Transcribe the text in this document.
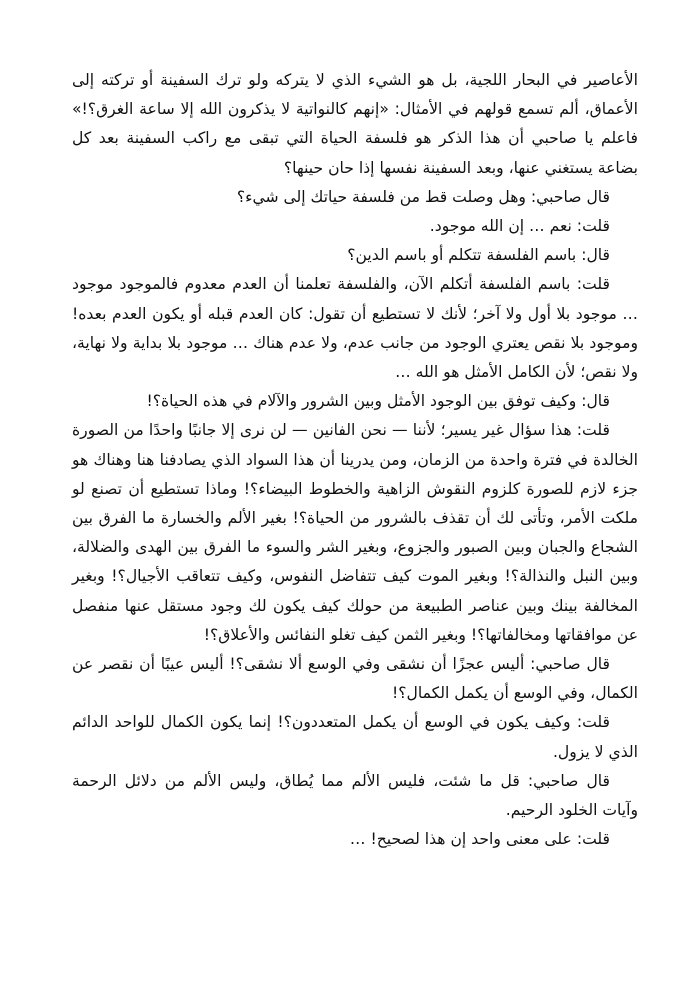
الأعاصير في البحار اللجية، بل هو الشيء الذي لا يتركه ولو ترك السفينة أو تركته إلى الأعماق، ألم تسمع قولهم في الأمثال: «إنهم كالنواتية لا يذكرون الله إلا ساعة الغرق؟!» فاعلم يا صاحبي أن هذا الذكر هو فلسفة الحياة التي تبقى مع راكب السفينة بعد كل بضاعة يستغني عنها، وبعد السفينة نفسها إذا حان حينها؟

قال صاحبي: وهل وصلت قط من فلسفة حياتك إلى شيء؟

قلت: نعم … إن الله موجود.

قال: باسم الفلسفة تتكلم أو باسم الدين؟

قلت: باسم الفلسفة أتكلم الآن، والفلسفة تعلمنا أن العدم معدوم فالموجود موجود … موجود بلا أول ولا آخر؛ لأنك لا تستطيع أن تقول: كان العدم قبله أو يكون العدم بعده! وموجود بلا نقص يعتري الوجود من جانب عدم، ولا عدم هناك … موجود بلا بداية ولا نهاية، ولا نقص؛ لأن الكامل الأمثل هو الله …

قال: وكيف توفق بين الوجود الأمثل وبين الشرور والآلام في هذه الحياة؟!

قلت: هذا سؤال غير يسير؛ لأننا — نحن الفانين — لن نرى إلا جانبًا واحدًا من الصورة الخالدة في فترة واحدة من الزمان، ومن يدرينا أن هذا السواد الذي يصادفنا هنا وهناك هو جزء لازم للصورة كلزوم النقوش الزاهية والخطوط البيضاء؟! وماذا تستطيع أن تصنع لو ملكت الأمر، وتأتى لك أن تقذف بالشرور من الحياة؟! بغير الألم والخسارة ما الفرق بين الشجاع والجبان وبين الصبور والجزوع، وبغير الشر والسوء ما الفرق بين الهدى والضلالة، وبين النبل والنذالة؟! وبغير الموت كيف تتفاضل النفوس، وكيف تتعاقب الأجيال؟! وبغير المخالفة بينك وبين عناصر الطبيعة من حولك كيف يكون لك وجود مستقل عنها منفصل عن موافقاتها ومخالفاتها؟! وبغير الثمن كيف تغلو النفائس والأعلاق؟!

قال صاحبي: أليس عجزًا أن نشقى وفي الوسع ألا نشقى؟! أليس عيبًا أن نقصر عن الكمال، وفي الوسع أن يكمل الكمال؟!

قلت: وكيف يكون في الوسع أن يكمل المتعددون؟! إنما يكون الكمال للواحد الدائم الذي لا يزول.

قال صاحبي: قل ما شئت، فليس الألم مما يُطاق، وليس الألم من دلائل الرحمة وآيات الخلود الرحيم.

قلت: على معنى واحد إن هذا لصحيح! …
